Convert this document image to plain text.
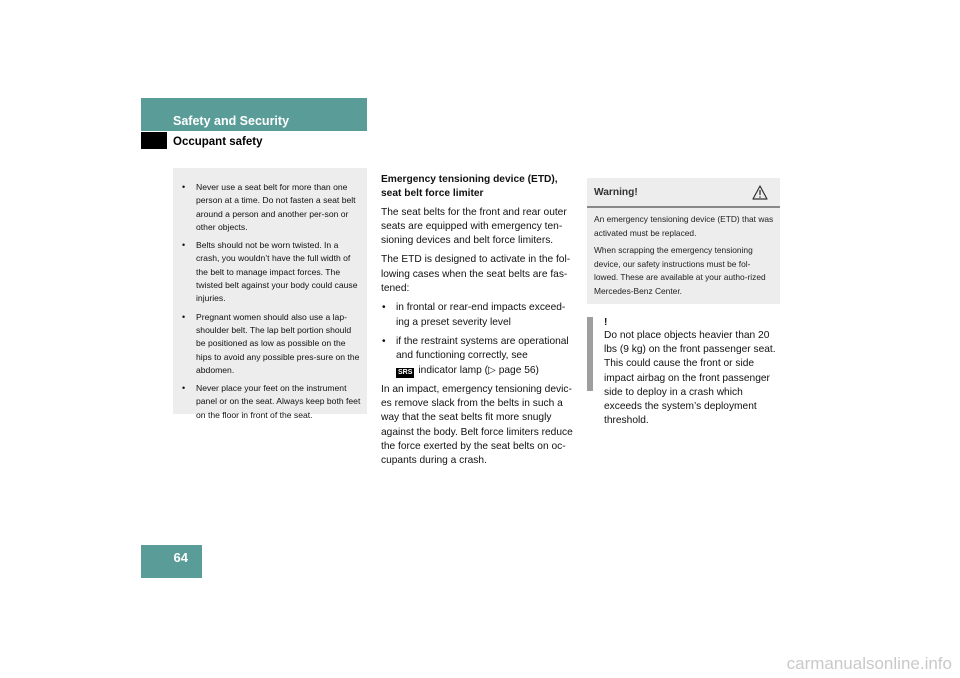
Safety and Security
Occupant safety
• Never use a seat belt for more than one person at a time. Do not fasten a seat belt around a person and another per-son or other objects.
• Belts should not be worn twisted. In a crash, you wouldn’t have the full width of the belt to manage impact forces. The twisted belt against your body could cause injuries.
• Pregnant women should also use a lap-shoulder belt. The lap belt portion should be positioned as low as possible on the hips to avoid any possible pres-sure on the abdomen.
• Never place your feet on the instrument panel or on the seat. Always keep both feet on the floor in front of the seat.
Emergency tensioning device (ETD), seat belt force limiter

The seat belts for the front and rear outer seats are equipped with emergency ten-sioning devices and belt force limiters.

The ETD is designed to activate in the fol-lowing cases when the seat belts are fas-tened:

• in frontal or rear-end impacts exceed-ing a preset severity level
• if the restraint systems are operational and functioning correctly, see
SRS indicator lamp (▷ page 56)

In an impact, emergency tensioning devic-es remove slack from the belts in such a way that the seat belts fit more snugly against the body. Belt force limiters reduce the force exerted by the seat belts on oc-cupants during a crash.

Warning!

An emergency tensioning device (ETD) that was activated must be replaced.

When scrapping the emergency tensioning device, our safety instructions must be fol-lowed. These are available at your autho-rized Mercedes-Benz Center.

!
Do not place objects heavier than 20 lbs (9 kg) on the front passenger seat. This could cause the front or side impact airbag on the front passenger side to deploy in a crash which exceeds the system’s deployment threshold.
64
carmanualsonline.info
